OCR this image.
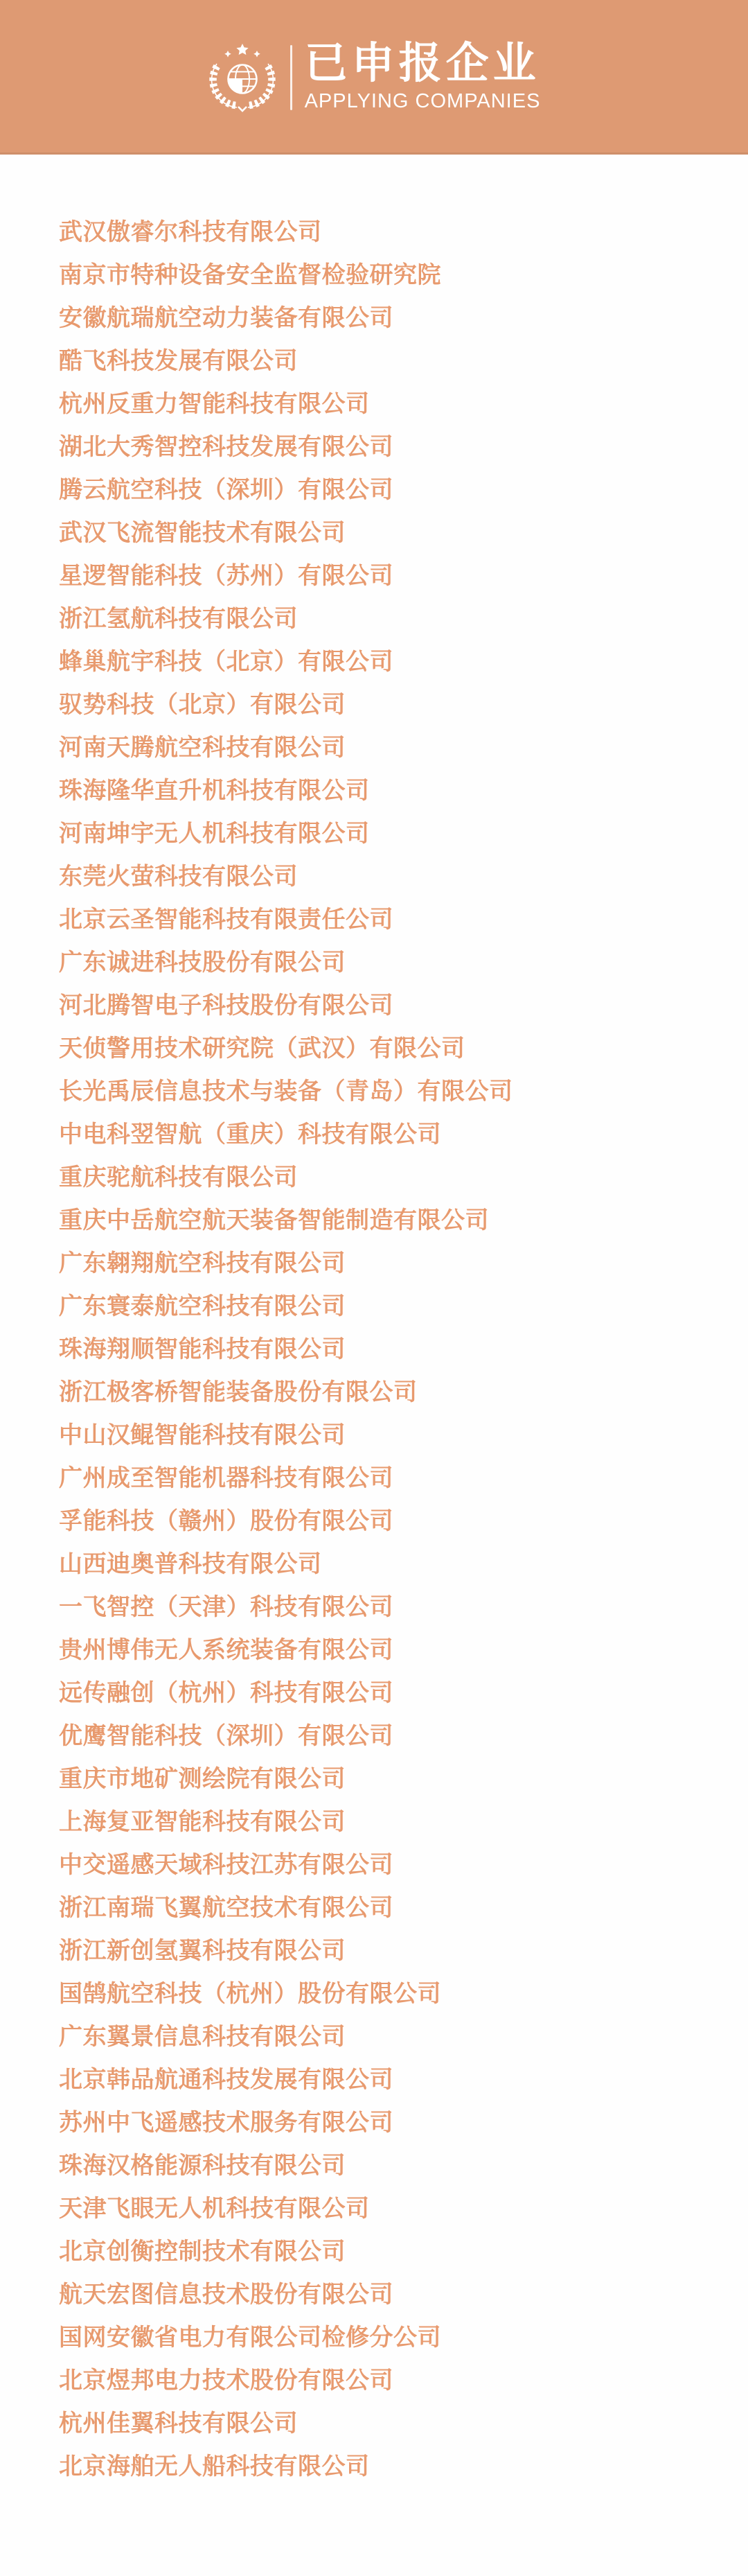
已申报企业
APPLYING COMPANIES
武汉傲睿尔科技有限公司
南京市特种设备安全监督检验研究院
安徽航瑞航空动力装备有限公司
酷飞科技发展有限公司
杭州反重力智能科技有限公司
湖北大秀智控科技发展有限公司
腾云航空科技（深圳）有限公司
武汉飞流智能技术有限公司
星逻智能科技（苏州）有限公司
浙江氢航科技有限公司
蜂巢航宇科技（北京）有限公司
驭势科技（北京）有限公司
河南天腾航空科技有限公司
珠海隆华直升机科技有限公司
河南坤宇无人机科技有限公司
东莞火萤科技有限公司
北京云圣智能科技有限责任公司
广东诚进科技股份有限公司
河北腾智电子科技股份有限公司
天侦警用技术研究院（武汉）有限公司
长光禹辰信息技术与装备（青岛）有限公司
中电科翌智航（重庆）科技有限公司
重庆驼航科技有限公司
重庆中岳航空航天装备智能制造有限公司
广东翱翔航空科技有限公司
广东寰泰航空科技有限公司
珠海翔顺智能科技有限公司
浙江极客桥智能装备股份有限公司
中山汉鲲智能科技有限公司
广州成至智能机器科技有限公司
孚能科技（赣州）股份有限公司
山西迪奥普科技有限公司
一飞智控（天津）科技有限公司
贵州博伟无人系统装备有限公司
远传融创（杭州）科技有限公司
优鹰智能科技（深圳）有限公司
重庆市地矿测绘院有限公司
上海复亚智能科技有限公司
中交遥感天域科技江苏有限公司
浙江南瑞飞翼航空技术有限公司
浙江新创氢翼科技有限公司
国鹄航空科技（杭州）股份有限公司
广东翼景信息科技有限公司
北京韩品航通科技发展有限公司
苏州中飞遥感技术服务有限公司
珠海汉格能源科技有限公司
天津飞眼无人机科技有限公司
北京创衡控制技术有限公司
航天宏图信息技术股份有限公司
国网安徽省电力有限公司检修分公司
北京煜邦电力技术股份有限公司
杭州佳翼科技有限公司
北京海舶无人船科技有限公司
